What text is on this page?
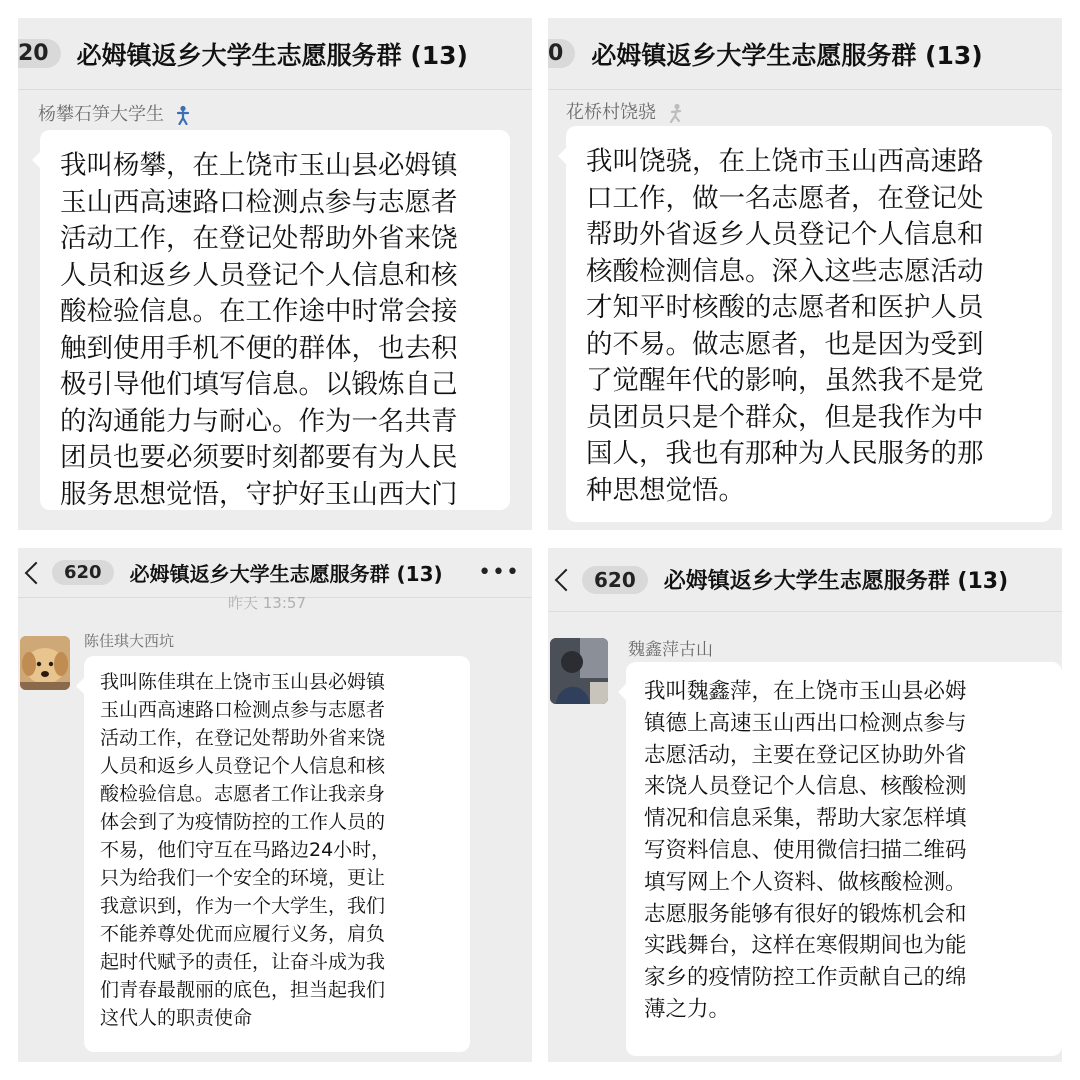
20	必姆镇返乡大学生志愿服务群 (13)
杨攀石笋大学生
我叫杨攀，在上饶市玉山县必姆镇
玉山西高速路口检测点参与志愿者
活动工作，在登记处帮助外省来饶
人员和返乡人员登记个人信息和核
酸检验信息。在工作途中时常会接
触到使用手机不便的群体，也去积
极引导他们填写信息。以锻炼自己
的沟通能力与耐心。作为一名共青
团员也要必须要时刻都要有为人民
服务思想觉悟，守护好玉山西大门
0	必姆镇返乡大学生志愿服务群 (13)
花桥村饶骁
我叫饶骁，在上饶市玉山西高速路
口工作，做一名志愿者，在登记处
帮助外省返乡人员登记个人信息和
核酸检测信息。深入这些志愿活动
才知平时核酸的志愿者和医护人员
的不易。做志愿者，也是因为受到
了觉醒年代的影响，虽然我不是党
员团员只是个群众，但是我作为中
国人，我也有那种为人民服务的那
种思想觉悟。
620	必姆镇返乡大学生志愿服务群 (13) •••
昨天 13:57
陈佳琪大西坑
我叫陈佳琪在上饶市玉山县必姆镇
玉山西高速路口检测点参与志愿者
活动工作，在登记处帮助外省来饶
人员和返乡人员登记个人信息和核
酸检验信息。志愿者工作让我亲身
体会到了为疫情防控的工作人员的
不易，他们守互在马路边24小时，
只为给我们一个安全的环境，更让
我意识到，作为一个大学生，我们
不能养尊处优而应履行义务，肩负
起时代赋予的责任，让奋斗成为我
们青春最靓丽的底色，担当起我们
这代人的职责使命
620	必姆镇返乡大学生志愿服务群 (13)
魏鑫萍古山
我叫魏鑫萍，在上饶市玉山县必姆
镇德上高速玉山西出口检测点参与
志愿活动，主要在登记区协助外省
来饶人员登记个人信息、核酸检测
情况和信息采集，帮助大家怎样填
写资料信息、使用微信扫描二维码
填写网上个人资料、做核酸检测。
志愿服务能够有很好的锻炼机会和
实践舞台，这样在寒假期间也为能
家乡的疫情防控工作贡献自己的绵
薄之力。
